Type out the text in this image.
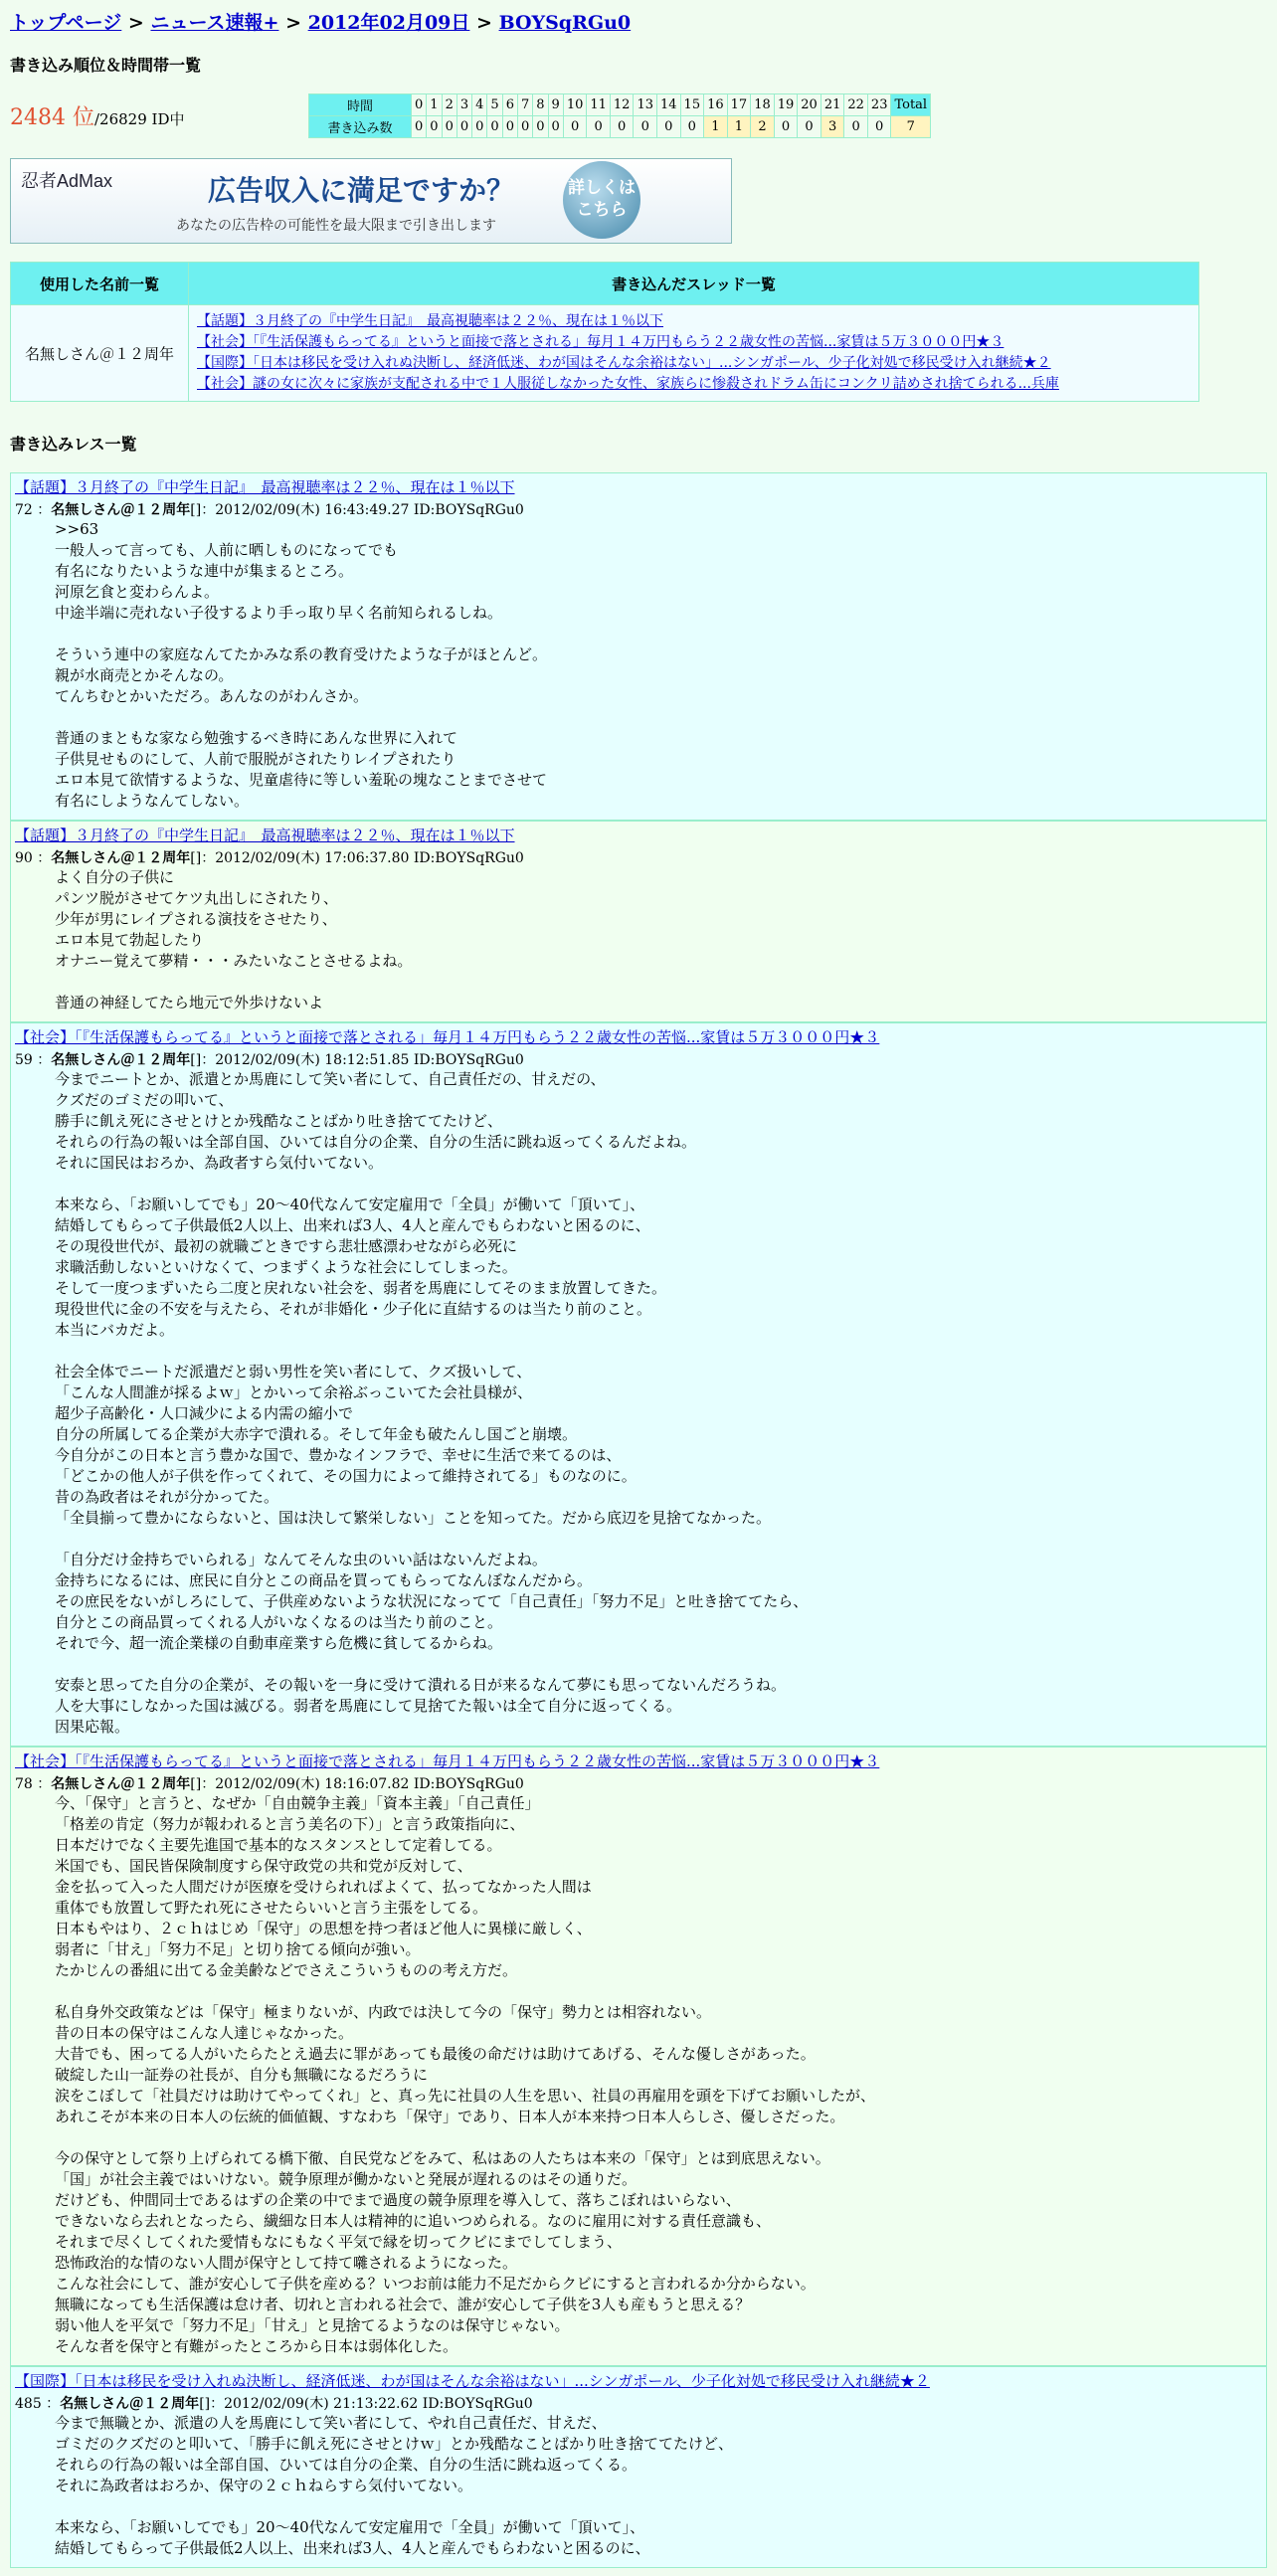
トップページ > ニュース速報+ > 2012年02月09日 > BOYSqRGu0
書き込み順位＆時間帯一覧
2484 位/26829 ID中
時間	0	1	2	3	4	5	6	7	8	9	10	11	12	13	14	15	16	17	18	19	20	21	22	23	Total
書き込み数	0	0	0	0	0	0	0	0	0	0	0	0	0	0	0	0	1	1	2	0	0	3	0	0	7
忍者AdMax	広告収入に満足ですか？
あなたの広告枠の可能性を最大限まで引き出します
詳しくは
こちら
使用した名前一覧	書き込んだスレッド一覧
名無しさん＠１２周年	【話題】３月終了の『中学生日記』　最高視聴率は２２％、現在は１％以下
【社会】「『生活保護もらってる』というと面接で落とされる」毎月１４万円もらう２２歳女性の苦悩...家賃は５万３０００円★３
【国際】「日本は移民を受け入れぬ決断し、経済低迷、わが国はそんな余裕はない」...シンガポール、少子化対処で移民受け入れ継続★２
【社会】謎の女に次々に家族が支配される中で１人服従しなかった女性、家族らに惨殺されドラム缶にコンクリ詰めされ捨てられる...兵庫
書き込みレス一覧
【話題】３月終了の『中学生日記』　最高視聴率は２２％、現在は１％以下
72 ：名無しさん＠１２周年[]：2012/02/09(木) 16:43:49.27 ID:BOYSqRGu0
>>63
一般人って言っても、人前に晒しものになってでも
有名になりたいような連中が集まるところ。
河原乞食と変わらんよ。
中途半端に売れない子役するより手っ取り早く名前知られるしね。

そういう連中の家庭なんてたかみな系の教育受けたような子がほとんど。
親が水商売とかそんなの。
てんちむとかいただろ。あんなのがわんさか。

普通のまともな家なら勉強するべき時にあんな世界に入れて
子供見せものにして、人前で服脱がされたりレイプされたり
エロ本見て欲情するような、児童虐待に等しい羞恥の塊なことまでさせて
有名にしようなんてしない。
【話題】３月終了の『中学生日記』　最高視聴率は２２％、現在は１％以下
90 ：名無しさん＠１２周年[]：2012/02/09(木) 17:06:37.80 ID:BOYSqRGu0
よく自分の子供に
パンツ脱がさせてケツ丸出しにされたり、
少年が男にレイプされる演技をさせたり、
エロ本見て勃起したり
オナニー覚えて夢精・・・みたいなことさせるよね。

普通の神経してたら地元で外歩けないよ
【社会】「『生活保護もらってる』というと面接で落とされる」毎月１４万円もらう２２歳女性の苦悩...家賃は５万３０００円★３
59 ：名無しさん＠１２周年[]：2012/02/09(木) 18:12:51.85 ID:BOYSqRGu0
今までニートとか、派遣とか馬鹿にして笑い者にして、自己責任だの、甘えだの、
クズだのゴミだの叩いて、
勝手に飢え死にさせとけとか残酷なことばかり吐き捨ててたけど、
それらの行為の報いは全部自国、ひいては自分の企業、自分の生活に跳ね返ってくるんだよね。
それに国民はおろか、為政者すら気付いてない。

本来なら、「お願いしてでも」20～40代なんて安定雇用で「全員」が働いて「頂いて」、
結婚してもらって子供最低2人以上、出来れば3人、4人と産んでもらわないと困るのに、
その現役世代が、最初の就職ごときですら悲壮感漂わせながら必死に
求職活動しないといけなくて、つまずくような社会にしてしまった。
そして一度つまずいたら二度と戻れない社会を、弱者を馬鹿にしてそのまま放置してきた。
現役世代に金の不安を与えたら、それが非婚化・少子化に直結するのは当たり前のこと。
本当にバカだよ。

社会全体でニートだ派遣だと弱い男性を笑い者にして、クズ扱いして、
「こんな人間誰が採るよｗ」とかいって余裕ぶっこいてた会社員様が、
超少子高齢化・人口減少による内需の縮小で
自分の所属してる企業が大赤字で潰れる。そして年金も破たんし国ごと崩壊。
今自分がこの日本と言う豊かな国で、豊かなインフラで、幸せに生活で来てるのは、
「どこかの他人が子供を作ってくれて、その国力によって維持されてる」ものなのに。
昔の為政者はそれが分かってた。
「全員揃って豊かにならないと、国は決して繁栄しない」ことを知ってた。だから底辺を見捨てなかった。

「自分だけ金持ちでいられる」なんてそんな虫のいい話はないんだよね。
金持ちになるには、庶民に自分とこの商品を買ってもらってなんぼなんだから。
その庶民をないがしろにして、子供産めないような状況になってて「自己責任」「努力不足」と吐き捨ててたら、
自分とこの商品買ってくれる人がいなくなるのは当たり前のこと。
それで今、超一流企業様の自動車産業すら危機に貧してるからね。

安泰と思ってた自分の企業が、その報いを一身に受けて潰れる日が来るなんて夢にも思ってないんだろうね。
人を大事にしなかった国は滅びる。弱者を馬鹿にして見捨てた報いは全て自分に返ってくる。
因果応報。
【社会】「『生活保護もらってる』というと面接で落とされる」毎月１４万円もらう２２歳女性の苦悩...家賃は５万３０００円★３
78 ：名無しさん＠１２周年[]：2012/02/09(木) 18:16:07.82 ID:BOYSqRGu0
今、「保守」と言うと、なぜか「自由競争主義」「資本主義」「自己責任」
「格差の肯定（努力が報われると言う美名の下）」と言う政策指向に、
日本だけでなく主要先進国で基本的なスタンスとして定着してる。
米国でも、国民皆保険制度すら保守政党の共和党が反対して、
金を払って入った人間だけが医療を受けられればよくて、払ってなかった人間は
重体でも放置して野たれ死にさせたらいいと言う主張をしてる。
日本もやはり、２ｃｈはじめ「保守」の思想を持つ者ほど他人に異様に厳しく、
弱者に「甘え」「努力不足」と切り捨てる傾向が強い。
たかじんの番組に出てる金美齢などでさえこういうものの考え方だ。

私自身外交政策などは「保守」極まりないが、内政では決して今の「保守」勢力とは相容れない。
昔の日本の保守はこんな人達じゃなかった。
大昔でも、困ってる人がいたらたとえ過去に罪があっても最後の命だけは助けてあげる、そんな優しさがあった。
破綻した山一証券の社長が、自分も無職になるだろうに
涙をこぼして「社員だけは助けてやってくれ」と、真っ先に社員の人生を思い、社員の再雇用を頭を下げてお願いしたが、
あれこそが本来の日本人の伝統的価値観、すなわち「保守」であり、日本人が本来持つ日本人らしさ、優しさだった。

今の保守として祭り上げられてる橋下徹、自民党などをみて、私はあの人たちは本来の「保守」とは到底思えない。
「国」が社会主義ではいけない。競争原理が働かないと発展が遅れるのはその通りだ。
だけども、仲間同士であるはずの企業の中でまで過度の競争原理を導入して、落ちこぼれはいらない、
できないなら去れとなったら、繊細な日本人は精神的に追いつめられる。なのに雇用に対する責任意識も、
それまで尽くしてくれた愛情もなにもなく平気で縁を切ってクビにまでしてしまう、
恐怖政治的な情のない人間が保守として持て囃されるようになった。
こんな社会にして、誰が安心して子供を産める？いつお前は能力不足だからクビにすると言われるか分からない。
無職になっても生活保護は怠け者、切れと言われる社会で、誰が安心して子供を3人も産もうと思える？
弱い他人を平気で「努力不足」「甘え」と見捨てるようなのは保守じゃない。
そんな者を保守と有難がったところから日本は弱体化した。
【国際】「日本は移民を受け入れぬ決断し、経済低迷、わが国はそんな余裕はない」...シンガポール、少子化対処で移民受け入れ継続★２
485 ：名無しさん＠１２周年[]：2012/02/09(木) 21:13:22.62 ID:BOYSqRGu0
今まで無職とか、派遣の人を馬鹿にして笑い者にして、やれ自己責任だ、甘えだ、
ゴミだのクズだのと叩いて、「勝手に飢え死にさせとけｗ」とか残酷なことばかり吐き捨ててたけど、
それらの行為の報いは全部自国、ひいては自分の企業、自分の生活に跳ね返ってくる。
それに為政者はおろか、保守の２ｃｈねらすら気付いてない。

本来なら、「お願いしてでも」20～40代なんて安定雇用で「全員」が働いて「頂いて」、
結婚してもらって子供最低2人以上、出来れば3人、4人と産んでもらわないと困るのに、
